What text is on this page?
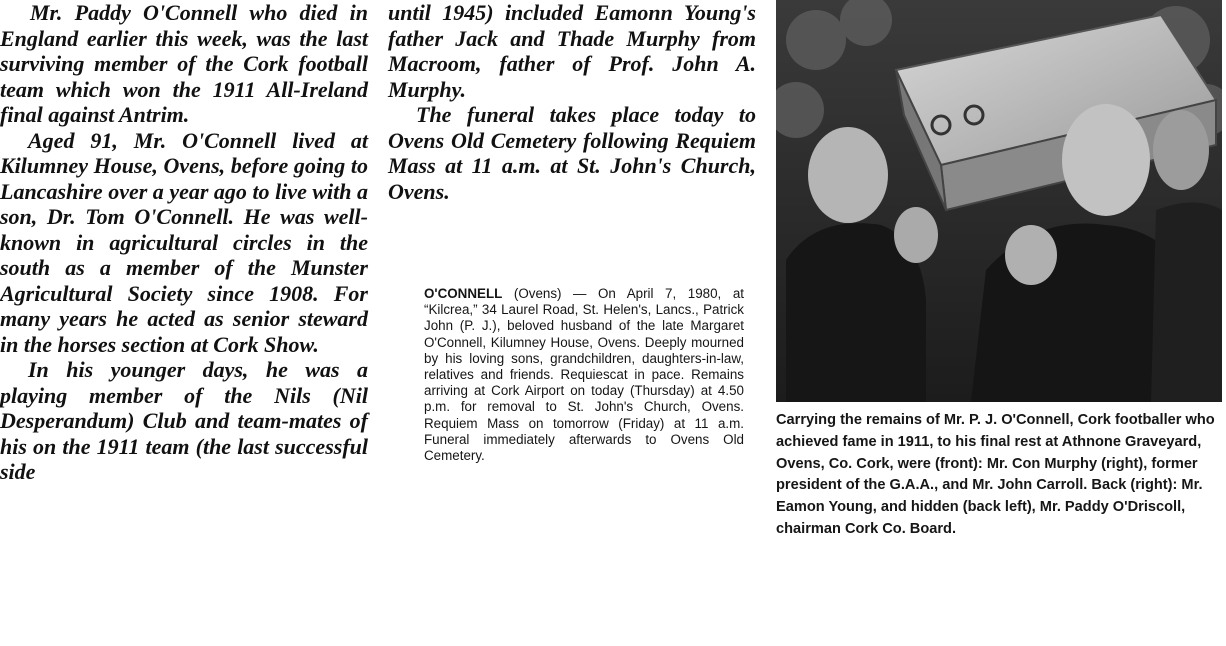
Mr. Paddy O'Connell who died in England earlier this week, was the last surviving member of the Cork football team which won the 1911 All-Ireland final against Antrim.

Aged 91, Mr. O'Connell lived at Kilumney House, Ovens, before going to Lancashire over a year ago to live with a son, Dr. Tom O'Connell. He was well-known in agricultural circles in the south as a member of the Munster Agricultural Society since 1908. For many years he acted as senior steward in the horses section at Cork Show.

In his younger days, he was a playing member of the Nils (Nil Desperandum) Club and team-mates of his on the 1911 team (the last successful side

until 1945) included Eamonn Young's father Jack and Thade Murphy from Macroom, father of Prof. John A. Murphy.

The funeral takes place today to Ovens Old Cemetery following Requiem Mass at 11 a.m. at St. John's Church, Ovens.

O'CONNELL (Ovens) — On April 7, 1980, at “Kilcrea,” 34 Laurel Road, St. Helen's, Lancs., Patrick John (P. J.), beloved husband of the late Margaret O'Connell, Kilumney House, Ovens. Deeply mourned by his loving sons, grandchildren, daughters-in-law, relatives and friends. Requiescat in pace. Remains arriving at Cork Airport on today (Thursday) at 4.50 p.m. for removal to St. John's Church, Ovens. Requiem Mass on tomorrow (Friday) at 11 a.m. Funeral immediately afterwards to Ovens Old Cemetery.
Carrying the remains of Mr. P. J. O'Connell, Cork footballer who achieved fame in 1911, to his final rest at Athnone Graveyard, Ovens, Co. Cork, were (front): Mr. Con Murphy (right), former president of the G.A.A., and Mr. John Carroll. Back (right): Mr. Eamon Young, and hidden (back left), Mr. Paddy O'Driscoll, chairman Cork Co. Board.
